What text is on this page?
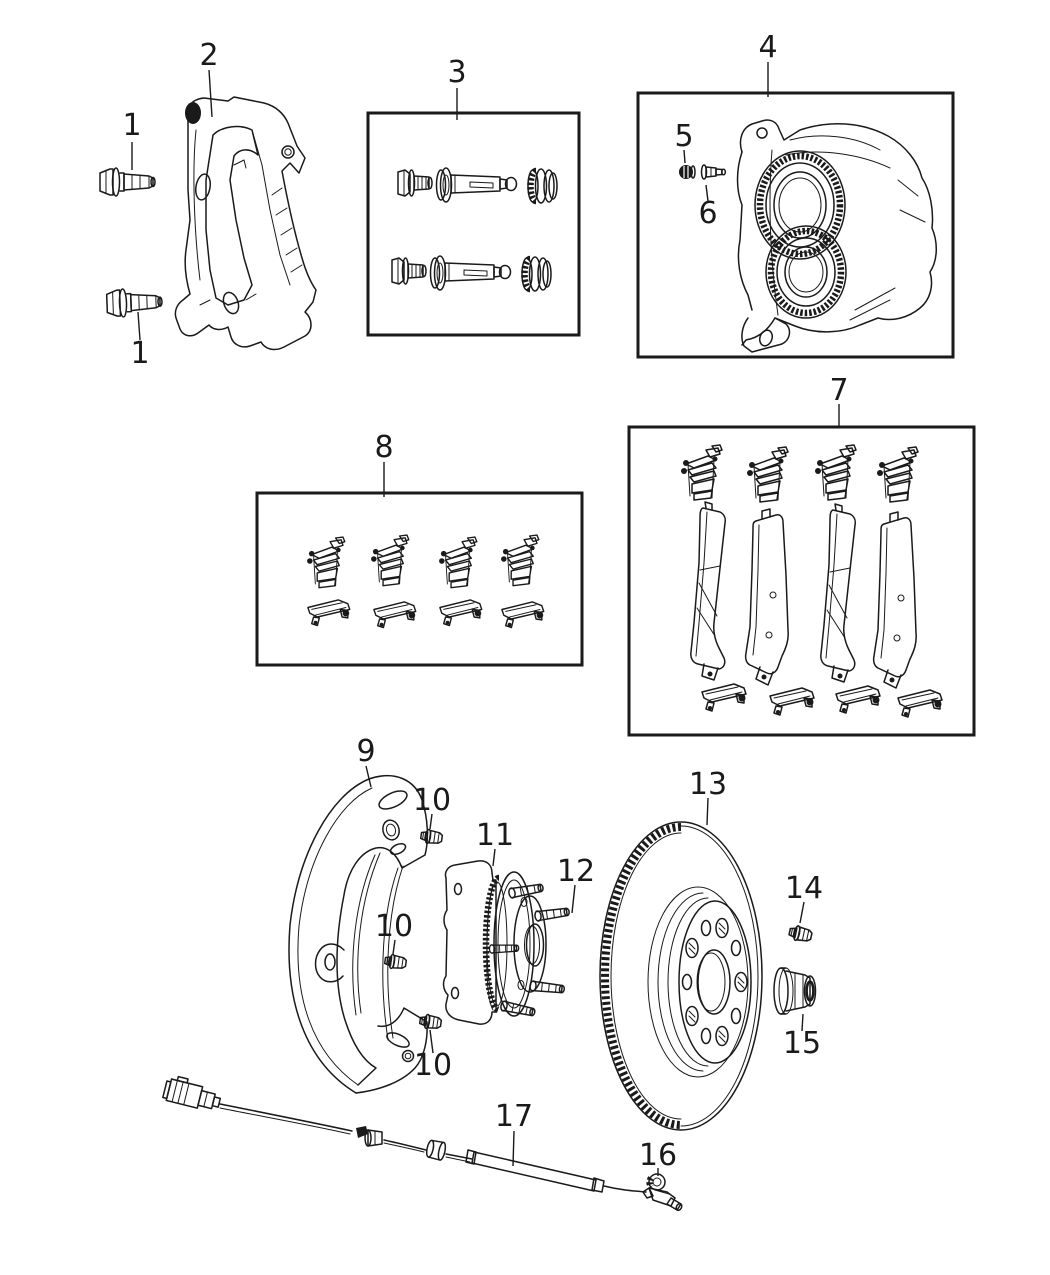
1
1
2	3
4
5
6
7
8
9
10
10
10
11
12
13
14
15
16
17
